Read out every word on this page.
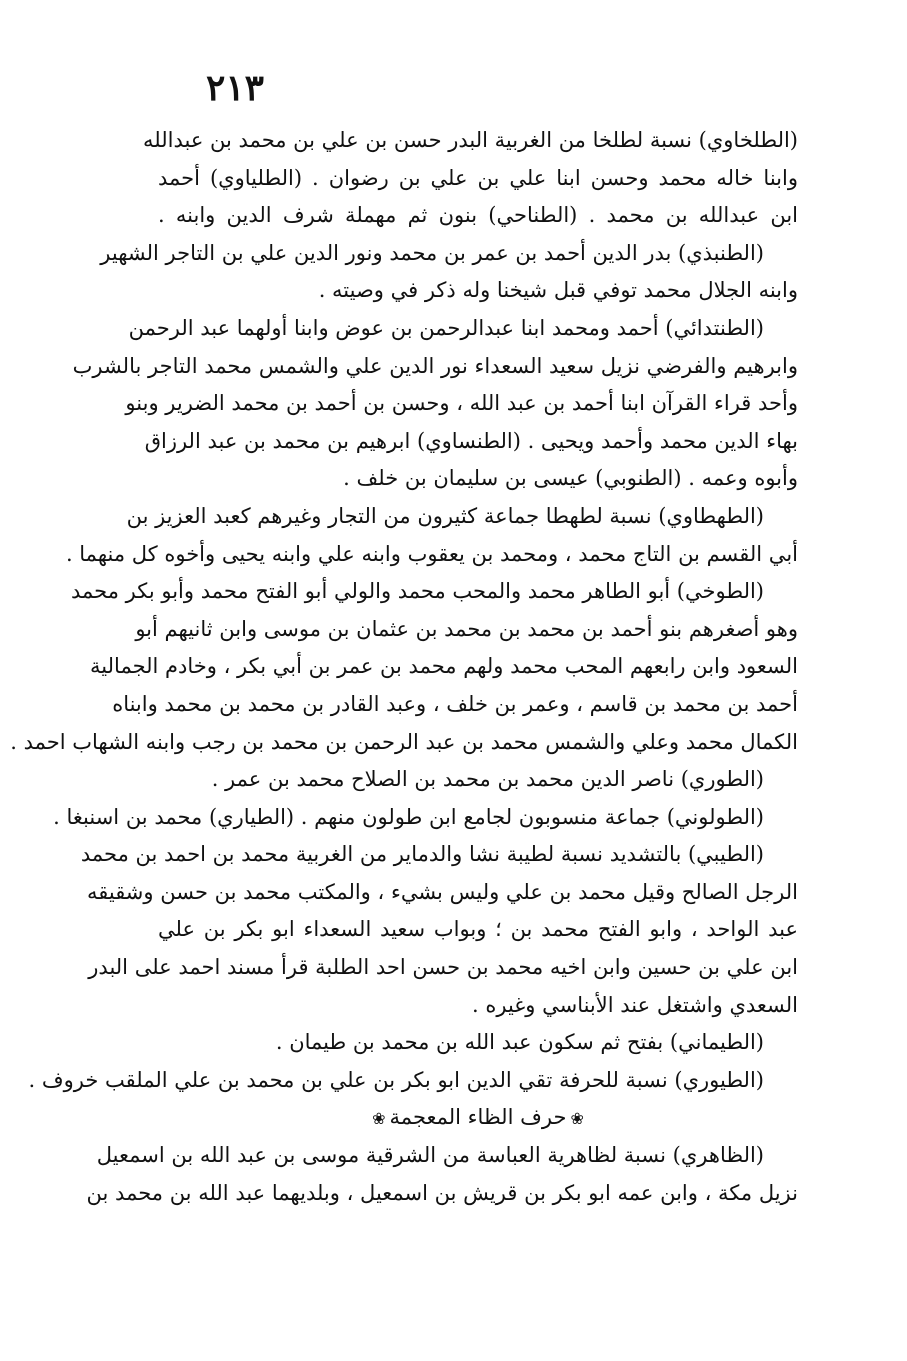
٢١٣
(الطلخاوي) نسبة لطلخا من الغربية البدر حسن بن علي بن محمد بن عبدالله
وابنا خاله محمد وحسن ابنا علي بن علي بن رضوان . (الطلياوي) أحمد
ابن عبدالله بن محمد . (الطناحي) بنون ثم مهملة شرف الدين وابنه .
(الطنبذي) بدر الدين أحمد بن عمر بن محمد ونور الدين علي بن التاجر الشهير
وابنه الجلال محمد توفي قبل شيخنا وله ذكر في وصيته .
(الطنتدائي) أحمد ومحمد ابنا عبدالرحمن بن عوض وابنا أولهما عبد الرحمن
وابرهيم والفرضي نزيل سعيد السعداء نور الدين علي والشمس محمد التاجر بالشرب
وأحد قراء القرآن ابنا أحمد بن عبد الله ، وحسن بن أحمد بن محمد الضرير وبنو
بهاء الدين محمد وأحمد ويحيى . (الطنساوي) ابرهيم بن محمد بن عبد الرزاق
وأبوه وعمه . (الطنوبي) عيسى بن سليمان بن خلف .
(الطهطاوي) نسبة لطهطا جماعة كثيرون من التجار وغيرهم كعبد العزيز بن
أبي القسم بن التاج محمد ، ومحمد بن يعقوب وابنه علي وابنه يحيى وأخوه كل منهما .
(الطوخي) أبو الطاهر محمد والمحب محمد والولي أبو الفتح محمد وأبو بكر محمد
وهو أصغرهم بنو أحمد بن محمد بن محمد بن عثمان بن موسى وابن ثانيهم أبو
السعود وابن رابعهم المحب محمد ولهم محمد بن عمر بن أبي بكر ، وخادم الجمالية
أحمد بن محمد بن قاسم ، وعمر بن خلف ، وعبد القادر بن محمد بن محمد وابناه
الكمال محمد وعلي والشمس محمد بن عبد الرحمن بن محمد بن رجب وابنه الشهاب احمد .
(الطوري) ناصر الدين محمد بن محمد بن الصلاح محمد بن عمر .
(الطولوني) جماعة منسوبون لجامع ابن طولون منهم . (الطياري) محمد بن اسنبغا .
(الطيبي) بالتشديد نسبة لطيبة نشا والدماير من الغربية محمد بن احمد بن محمد
الرجل الصالح وقيل محمد بن علي وليس بشيء ، والمكتب محمد بن حسن وشقيقه
عبد الواحد ، وابو الفتح محمد بن ؛ وبواب سعيد السعداء ابو بكر بن علي
ابن علي بن حسين وابن اخيه محمد بن حسن احد الطلبة قرأ مسند احمد على البدر
السعدي واشتغل عند الأبناسي وغيره .
(الطيماني) بفتح ثم سكون عبد الله بن محمد بن طيمان .
(الطيوري) نسبة للحرفة تقي الدين ابو بكر بن علي بن محمد بن علي الملقب خروف .
❀حرف الظاء المعجمة❀
(الظاهري) نسبة لظاهرية العباسة من الشرقية موسى بن عبد الله بن اسمعيل
نزيل مكة ، وابن عمه ابو بكر بن قريش بن اسمعيل ، وبلديهما عبد الله بن محمد بن
